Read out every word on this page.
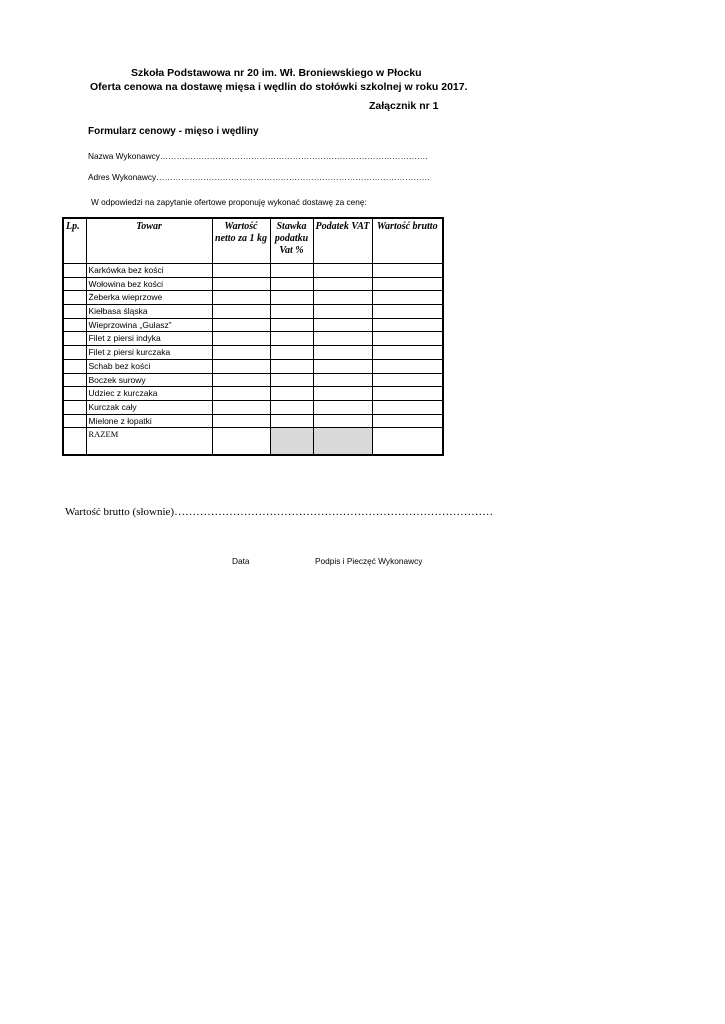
Szkoła Podstawowa nr 20 im. Wł. Broniewskiego w Płocku
Oferta cenowa na dostawę mięsa i wędlin do stołówki szkolnej w roku 2017.
Załącznik nr 1
Formularz cenowy - mięso i wędliny
Nazwa Wykonawcy…………………………………………………………………………………….
Adres Wykonawcy………………………………………………………………………………………
W odpowiedzi na zapytanie ofertowe proponuję wykonać dostawę za cenę:
Lp.	Towar	Wartość netto za 1 kg	Stawka podatku Vat %	Podatek VAT	Wartość brutto
	Karkówka bez kości				
	Wołowina bez kości				
	Żeberka wieprzowe				
	Kiełbasa śląska				
	Wieprzowina „Gulasz”				
	Filet z piersi indyka				
	Filet z piersi kurczaka				
	Schab bez kości				
	Boczek surowy				
	Udziec z kurczaka				
	Kurczak cały				
	Mielone z łopatki				
	RAZEM				
Wartość brutto (słownie)……………………………………………………………………………
Data	Podpis i Pieczęć Wykonawcy
